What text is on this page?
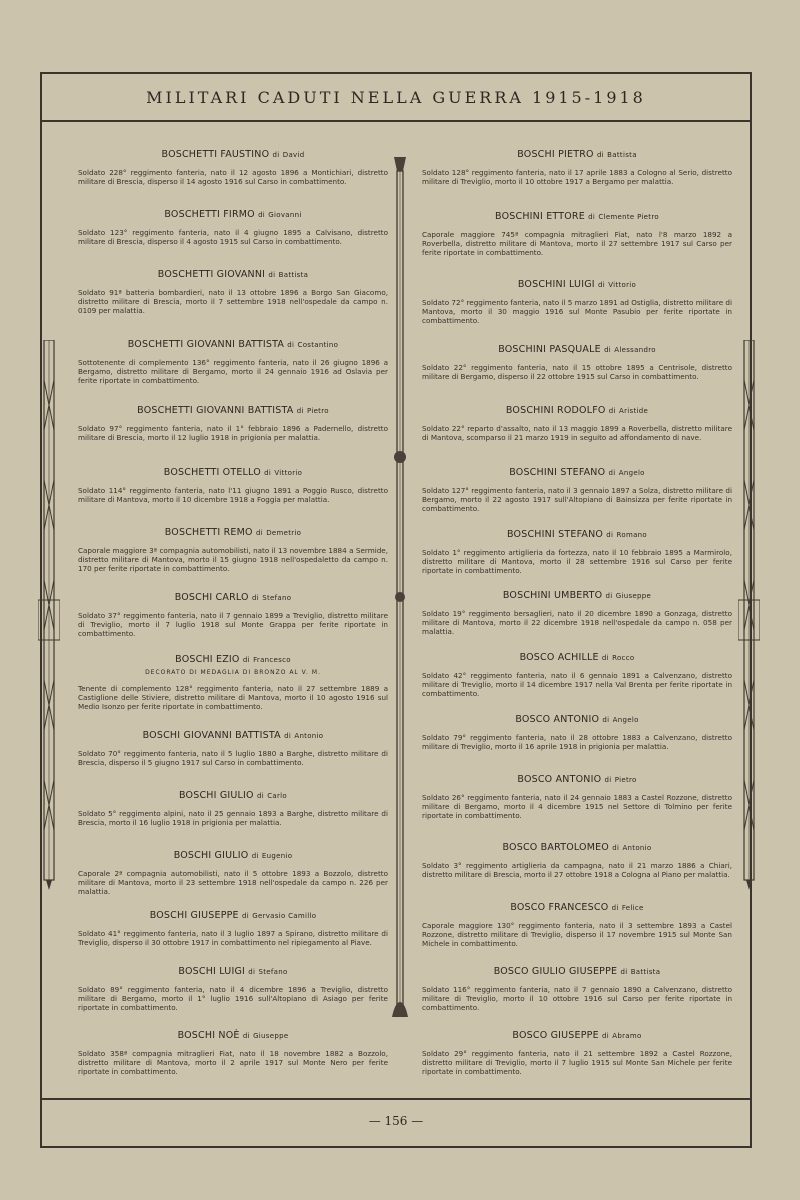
MILITARI CADUTI NELLA GUERRA 1915-1918
BOSCHETTI FAUSTINO di David
Soldato 228° reggimento fanteria, nato il 12 agosto 1896 a Montichiari, distretto militare di Brescia, disperso il 14 agosto 1916 sul Carso in combattimento.
BOSCHETTI FIRMO di Giovanni
Soldato 123° reggimento fanteria, nato il 4 giugno 1895 a Calvisano, distretto militare di Brescia, disperso il 4 agosto 1915 sul Carso in combattimento.
BOSCHETTI GIOVANNI di Battista
Soldato 91ª batteria bombardieri, nato il 13 ottobre 1896 a Borgo San Giacomo, distretto militare di Brescia, morto il 7 settembre 1918 nell'ospedale da campo n. 0109 per malattia.
BOSCHETTI GIOVANNI BATTISTA di Costantino
Sottotenente di complemento 136° reggimento fanteria, nato il 26 giugno 1896 a Bergamo, distretto militare di Bergamo, morto il 24 gennaio 1916 ad Oslavia per ferite riportate in combattimento.
BOSCHETTI GIOVANNI BATTISTA di Pietro
Soldato 97° reggimento fanteria, nato il 1° febbraio 1896 a Padernello, distretto militare di Brescia, morto il 12 luglio 1918 in prigionia per malattia.
BOSCHETTI OTELLO di Vittorio
Soldato 114° reggimento fanteria, nato l'11 giugno 1891 a Poggio Rusco, distretto militare di Mantova, morto il 10 dicembre 1918 a Foggia per malattia.
BOSCHETTI REMO di Demetrio
Caporale maggiore 3ª compagnia automobilisti, nato il 13 novembre 1884 a Sermide, distretto militare di Mantova, morto il 15 giugno 1918 nell'ospedaletto da campo n. 170 per ferite riportate in combattimento.
BOSCHI CARLO di Stefano
Soldato 37° reggimento fanteria, nato il 7 gennaio 1899 a Treviglio, distretto militare di Treviglio, morto il 7 luglio 1918 sul Monte Grappa per ferite riportate in combattimento.
BOSCHI EZIO di Francesco
DECORATO DI MEDAGLIA DI BRONZO AL V. M.
Tenente di complemento 128° reggimento fanteria, nato il 27 settembre 1889 a Castiglione delle Stiviere, distretto militare di Mantova, morto il 10 agosto 1916 sul Medio Isonzo per ferite riportate in combattimento.
BOSCHI GIOVANNI BATTISTA di Antonio
Soldato 70° reggimento fanteria, nato il 5 luglio 1880 a Barghe, distretto militare di Brescia, disperso il 5 giugno 1917 sul Carso in combattimento.
BOSCHI GIULIO di Carlo
Soldato 5° reggimento alpini, nato il 25 gennaio 1893 a Barghe, distretto militare di Brescia, morto il 16 luglio 1918 in prigionia per malattia.
BOSCHI GIULIO di Eugenio
Caporale 2ª compagnia automobilisti, nato il 5 ottobre 1893 a Bozzolo, distretto militare di Mantova, morto il 23 settembre 1918 nell'ospedale da campo n. 226 per malattia.
BOSCHI GIUSEPPE di Gervasio Camillo
Soldato 41° reggimento fanteria, nato il 3 luglio 1897 a Spirano, distretto militare di Treviglio, disperso il 30 ottobre 1917 in combattimento nel ripiegamento al Piave.
BOSCHI LUIGI di Stefano
Soldato 89° reggimento fanteria, nato il 4 dicembre 1896 a Treviglio, distretto militare di Bergamo, morto il 1° luglio 1916 sull'Altopiano di Asiago per ferite riportate in combattimento.
BOSCHI NOÈ di Giuseppe
Soldato 358ª compagnia mitraglieri Fiat, nato il 18 novembre 1882 a Bozzolo, distretto militare di Mantova, morto il 2 aprile 1917 sul Monte Nero per ferite riportate in combattimento.
BOSCHI PIETRO di Battista
Soldato 128° reggimento fanteria, nato il 17 aprile 1883 a Cologno al Serio, distretto militare di Treviglio, morto il 10 ottobre 1917 a Bergamo per malattia.
BOSCHINI ETTORE di Clemente Pietro
Caporale maggiore 745ª compagnia mitraglieri Fiat, nato l'8 marzo 1892 a Roverbella, distretto militare di Mantova, morto il 27 settembre 1917 sul Carso per ferite riportate in combattimento.
BOSCHINI LUIGI di Vittorio
Soldato 72° reggimento fanteria, nato il 5 marzo 1891 ad Ostiglia, distretto militare di Mantova, morto il 30 maggio 1916 sul Monte Pasubio per ferite riportate in combattimento.
BOSCHINI PASQUALE di Alessandro
Soldato 22° reggimento fanteria, nato il 15 ottobre 1895 a Centrisole, distretto militare di Bergamo, disperso il 22 ottobre 1915 sul Carso in combattimento.
BOSCHINI RODOLFO di Aristide
Soldato 22° reparto d'assalto, nato il 13 maggio 1899 a Roverbella, distretto militare di Mantova, scomparso il 21 marzo 1919 in seguito ad affondamento di nave.
BOSCHINI STEFANO di Angelo
Soldato 127° reggimento fanteria, nato il 3 gennaio 1897 a Solza, distretto militare di Bergamo, morto il 22 agosto 1917 sull'Altopiano di Bainsizza per ferite riportate in combattimento.
BOSCHINI STEFANO di Romano
Soldato 1° reggimento artiglieria da fortezza, nato il 10 febbraio 1895 a Marmirolo, distretto militare di Mantova, morto il 28 settembre 1916 sul Carso per ferite riportate in combattimento.
BOSCHINI UMBERTO di Giuseppe
Soldato 19° reggimento bersaglieri, nato il 20 dicembre 1890 a Gonzaga, distretto militare di Mantova, morto il 22 dicembre 1918 nell'ospedale da campo n. 058 per malattia.
BOSCO ACHILLE di Rocco
Soldato 42° reggimento fanteria, nato il 6 gennaio 1891 a Calvenzano, distretto militare di Treviglio, morto il 14 dicembre 1917 nella Val Brenta per ferite riportate in combattimento.
BOSCO ANTONIO di Angelo
Soldato 79° reggimento fanteria, nato il 28 ottobre 1883 a Calvenzano, distretto militare di Treviglio, morto il 16 aprile 1918 in prigionia per malattia.
BOSCO ANTONIO di Pietro
Soldato 26° reggimento fanteria, nato il 24 gennaio 1883 a Castel Rozzone, distretto militare di Bergamo, morto il 4 dicembre 1915 nel Settore di Tolmino per ferite riportate in combattimento.
BOSCO BARTOLOMEO di Antonio
Soldato 3° reggimento artiglieria da campagna, nato il 21 marzo 1886 a Chiari, distretto militare di Brescia, morto il 27 ottobre 1918 a Cologna al Piano per malattia.
BOSCO FRANCESCO di Felice
Caporale maggiore 130° reggimento fanteria, nato il 3 settembre 1893 a Castel Rozzone, distretto militare di Treviglio, disperso il 17 novembre 1915 sul Monte San Michele in combattimento.
BOSCO GIULIO GIUSEPPE di Battista
Soldato 116° reggimento fanteria, nato il 7 gennaio 1890 a Calvenzano, distretto militare di Treviglio, morto il 10 ottobre 1916 sul Carso per ferite riportate in combattimento.
BOSCO GIUSEPPE di Abramo
Soldato 29° reggimento fanteria, nato il 21 settembre 1892 a Castel Rozzone, distretto militare di Treviglio, morto il 7 luglio 1915 sul Monte San Michele per ferite riportate in combattimento.
— 156 —
